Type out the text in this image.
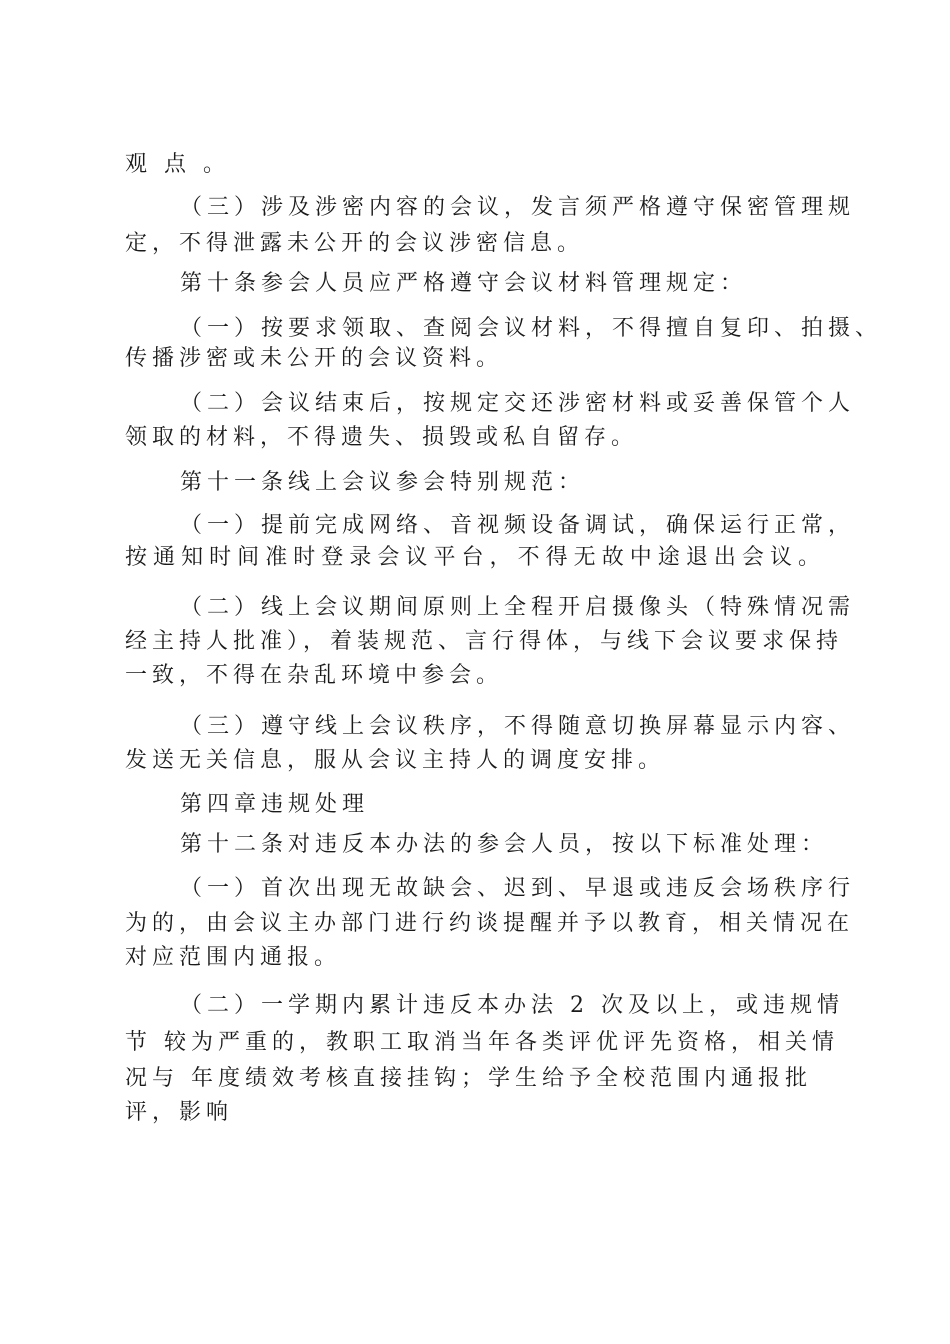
观 点 。
（三）涉及涉密内容的会议，发言须严格遵守保密管理规
定，不得泄露未公开的会议涉密信息。
第十条参会人员应严格遵守会议材料管理规定：
（一）按要求领取、查阅会议材料，不得擅自复印、拍摄、
传播涉密或未公开的会议资料。
（二）会议结束后，按规定交还涉密材料或妥善保管个人
领取的材料，不得遗失、损毁或私自留存。
第十一条线上会议参会特别规范：
（一）提前完成网络、音视频设备调试，确保运行正常，
按通知时间准时登录会议平台，不得无故中途退出会议。
（二）线上会议期间原则上全程开启摄像头（特殊情况需
经主持人批准），着装规范、言行得体，与线下会议要求保持
一致，不得在杂乱环境中参会。
（三）遵守线上会议秩序，不得随意切换屏幕显示内容、
发送无关信息，服从会议主持人的调度安排。
第四章违规处理
第十二条对违反本办法的参会人员，按以下标准处理：
（一）首次出现无故缺会、迟到、早退或违反会场秩序行
为的，由会议主办部门进行约谈提醒并予以教育，相关情况在
对应范围内通报。
（二）一学期内累计违反本办法 2 次及以上，或违规情
节 较为严重的，教职工取消当年各类评优评先资格，相关情
况与 年度绩效考核直接挂钩；学生给予全校范围内通报批
评，影响
